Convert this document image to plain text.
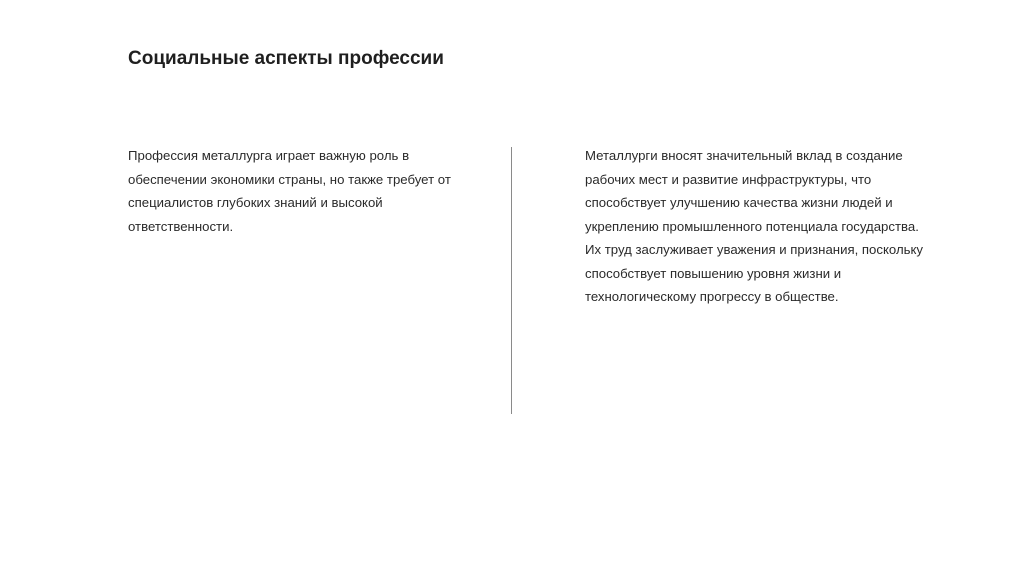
Социальные аспекты профессии

Профессия металлурга играет важную роль в обеспечении экономики страны, но также требует от специалистов глубоких знаний и высокой ответственности.

Металлурги вносят значительный вклад в создание рабочих мест и развитие инфраструктуры, что способствует улучшению качества жизни людей и укреплению промышленного потенциала государства. Их труд заслуживает уважения и признания, поскольку способствует повышению уровня жизни и технологическому прогрессу в обществе.
